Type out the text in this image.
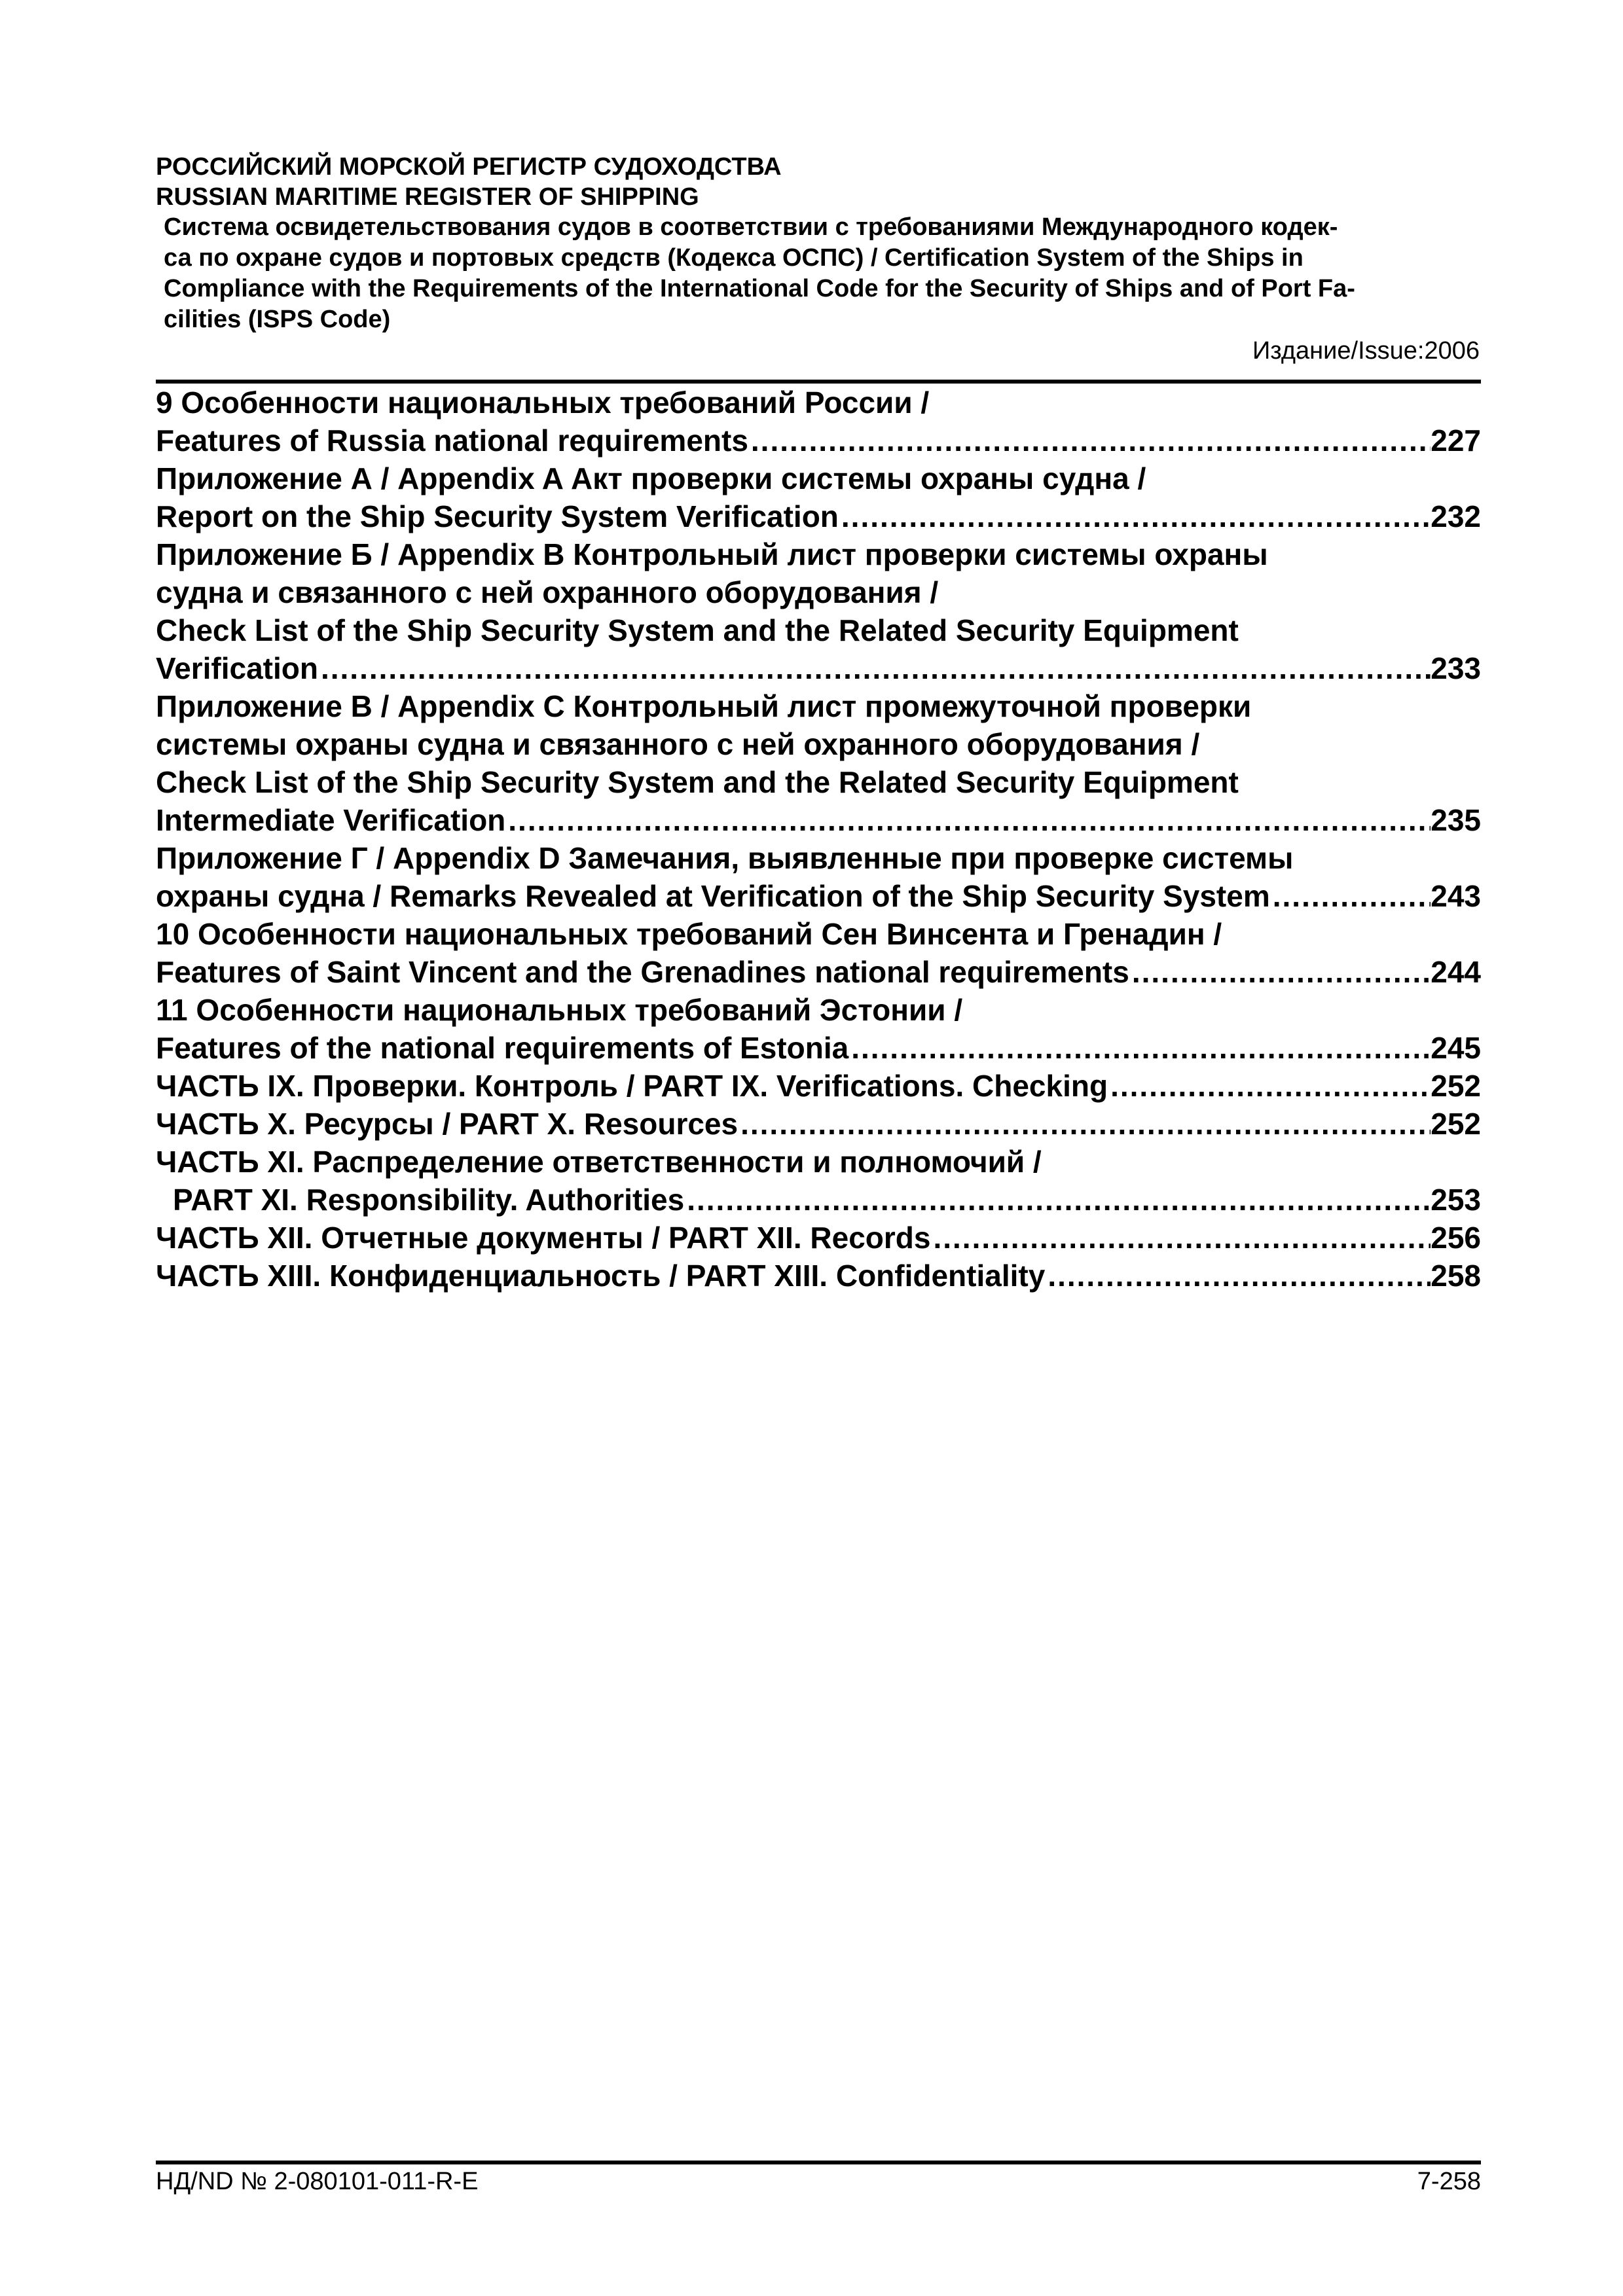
РОССИЙСКИЙ МОРСКОЙ РЕГИСТР СУДОХОДСТВА
RUSSIAN MARITIME REGISTER OF SHIPPING
Система освидетельствования судов в соответствии с требованиями Международного кодек-
са по охране судов и портовых средств (Кодекса ОСПС) / Certification System of the Ships in
Compliance with the Requirements of the International Code for the Security of Ships and of Port Fa-
cilities (ISPS Code)
Издание/Issue:2006
9 Особенности национальных требований России /
Features of Russia national requirements .....	227
Приложение А / Appendix A Акт проверки системы охраны судна /
Report on the Ship Security System Verification .....	232
Приложение Б / Appendix B Контрольный лист проверки системы охраны
судна и связанного с ней охранного оборудования /
Check List of the Ship Security System and the Related Security Equipment
Verification .....	233
Приложение В / Appendix C Контрольный лист промежуточной проверки
системы охраны судна и связанного с ней охранного оборудования /
Check List of the Ship Security System and the Related Security Equipment
Intermediate Verification .....	235
Приложение Г / Appendix D Замечания, выявленные при проверке системы
охраны судна / Remarks Revealed at Verification of the Ship Security System .....	243
10 Особенности национальных требований Сен Винсента и Гренадин /
Features of Saint Vincent and the Grenadines national requirements .....	244
11 Особенности национальных требований Эстонии /
Features of the national requirements of Estonia .....	245
ЧАСТЬ IX. Проверки. Контроль / PART IX. Verifications. Checking .....	252
ЧАСТЬ X. Ресурсы / PART X. Resources .....	252
ЧАСТЬ XI. Распределение ответственности и полномочий /
PART XI. Responsibility. Authorities .....	253
ЧАСТЬ XII. Отчетные документы / PART XII. Records .....	256
ЧАСТЬ XIII. Конфиденциальность / PART XIII. Confidentiality .....	258
НД/ND № 2-080101-011-R-E	7-258
